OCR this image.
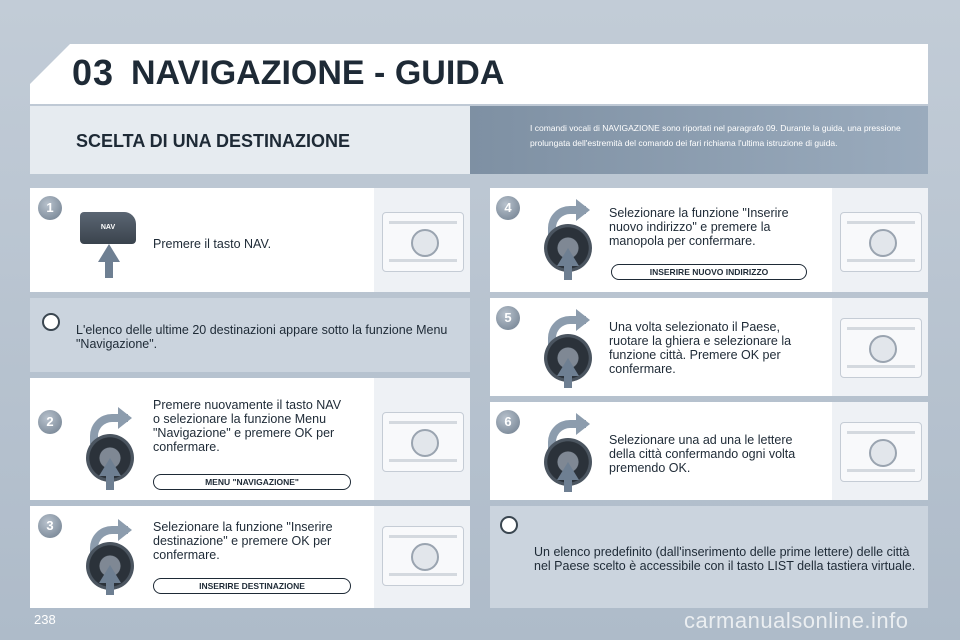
03 NAVIGAZIONE - GUIDA
SCELTA DI UNA DESTINAZIONE

I comandi vocali di NAVIGAZIONE sono riportati nel paragrafo 09. Durante la guida, una pressione prolungata dell'estremità del comando dei fari richiama l'ultima istruzione di guida.

1
NAV
Premere il tasto NAV.
L'elenco delle ultime 20 destinazioni appare sotto la funzione Menu "Navigazione".
2
Premere nuovamente il tasto NAV o selezionare la funzione Menu "Navigazione" e premere OK per confermare.
MENU "NAVIGAZIONE"
3	Selezionare la funzione "Inserire destinazione" e premere OK per confermare.
INSERIRE DESTINAZIONE
4	Selezionare la funzione "Inserire nuovo indirizzo" e premere la manopola per confermare.
INSERIRE NUOVO INDIRIZZO
5
Una volta selezionato il Paese, ruotare la ghiera e selezionare la funzione città. Premere OK per confermare.
6
Selezionare una ad una le lettere della città confermando ogni volta premendo OK.
Un elenco predefinito (dall'inserimento delle prime lettere) delle città nel Paese scelto è accessibile con il tasto LIST della tastiera virtuale.
238	carmanualsonline.info
